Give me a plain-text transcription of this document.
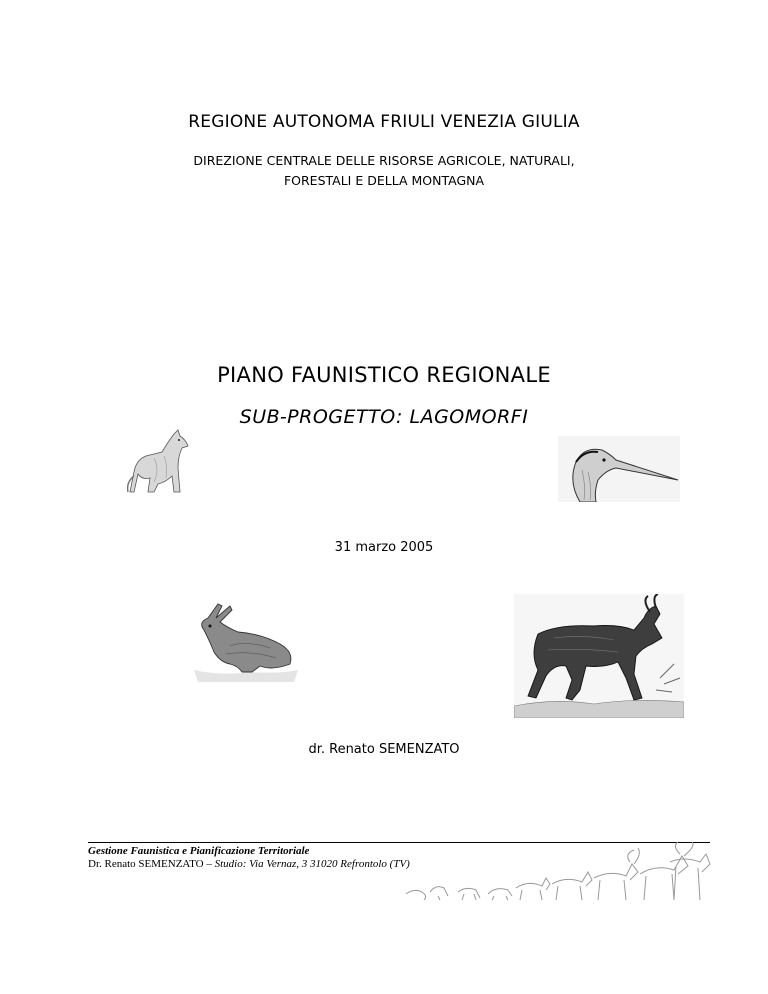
REGIONE AUTONOMA FRIULI VENEZIA GIULIA
DIREZIONE CENTRALE DELLE RISORSE AGRICOLE, NATURALI,
FORESTALI E DELLA MONTAGNA
PIANO FAUNISTICO REGIONALE
SUB-PROGETTO: LAGOMORFI
31 marzo 2005
dr. Renato SEMENZATO
Gestione Faunistica e Pianificazione Territoriale
Dr. Renato SEMENZATO – Studio: Via Vernaz, 3 31020 Refrontolo (TV)
